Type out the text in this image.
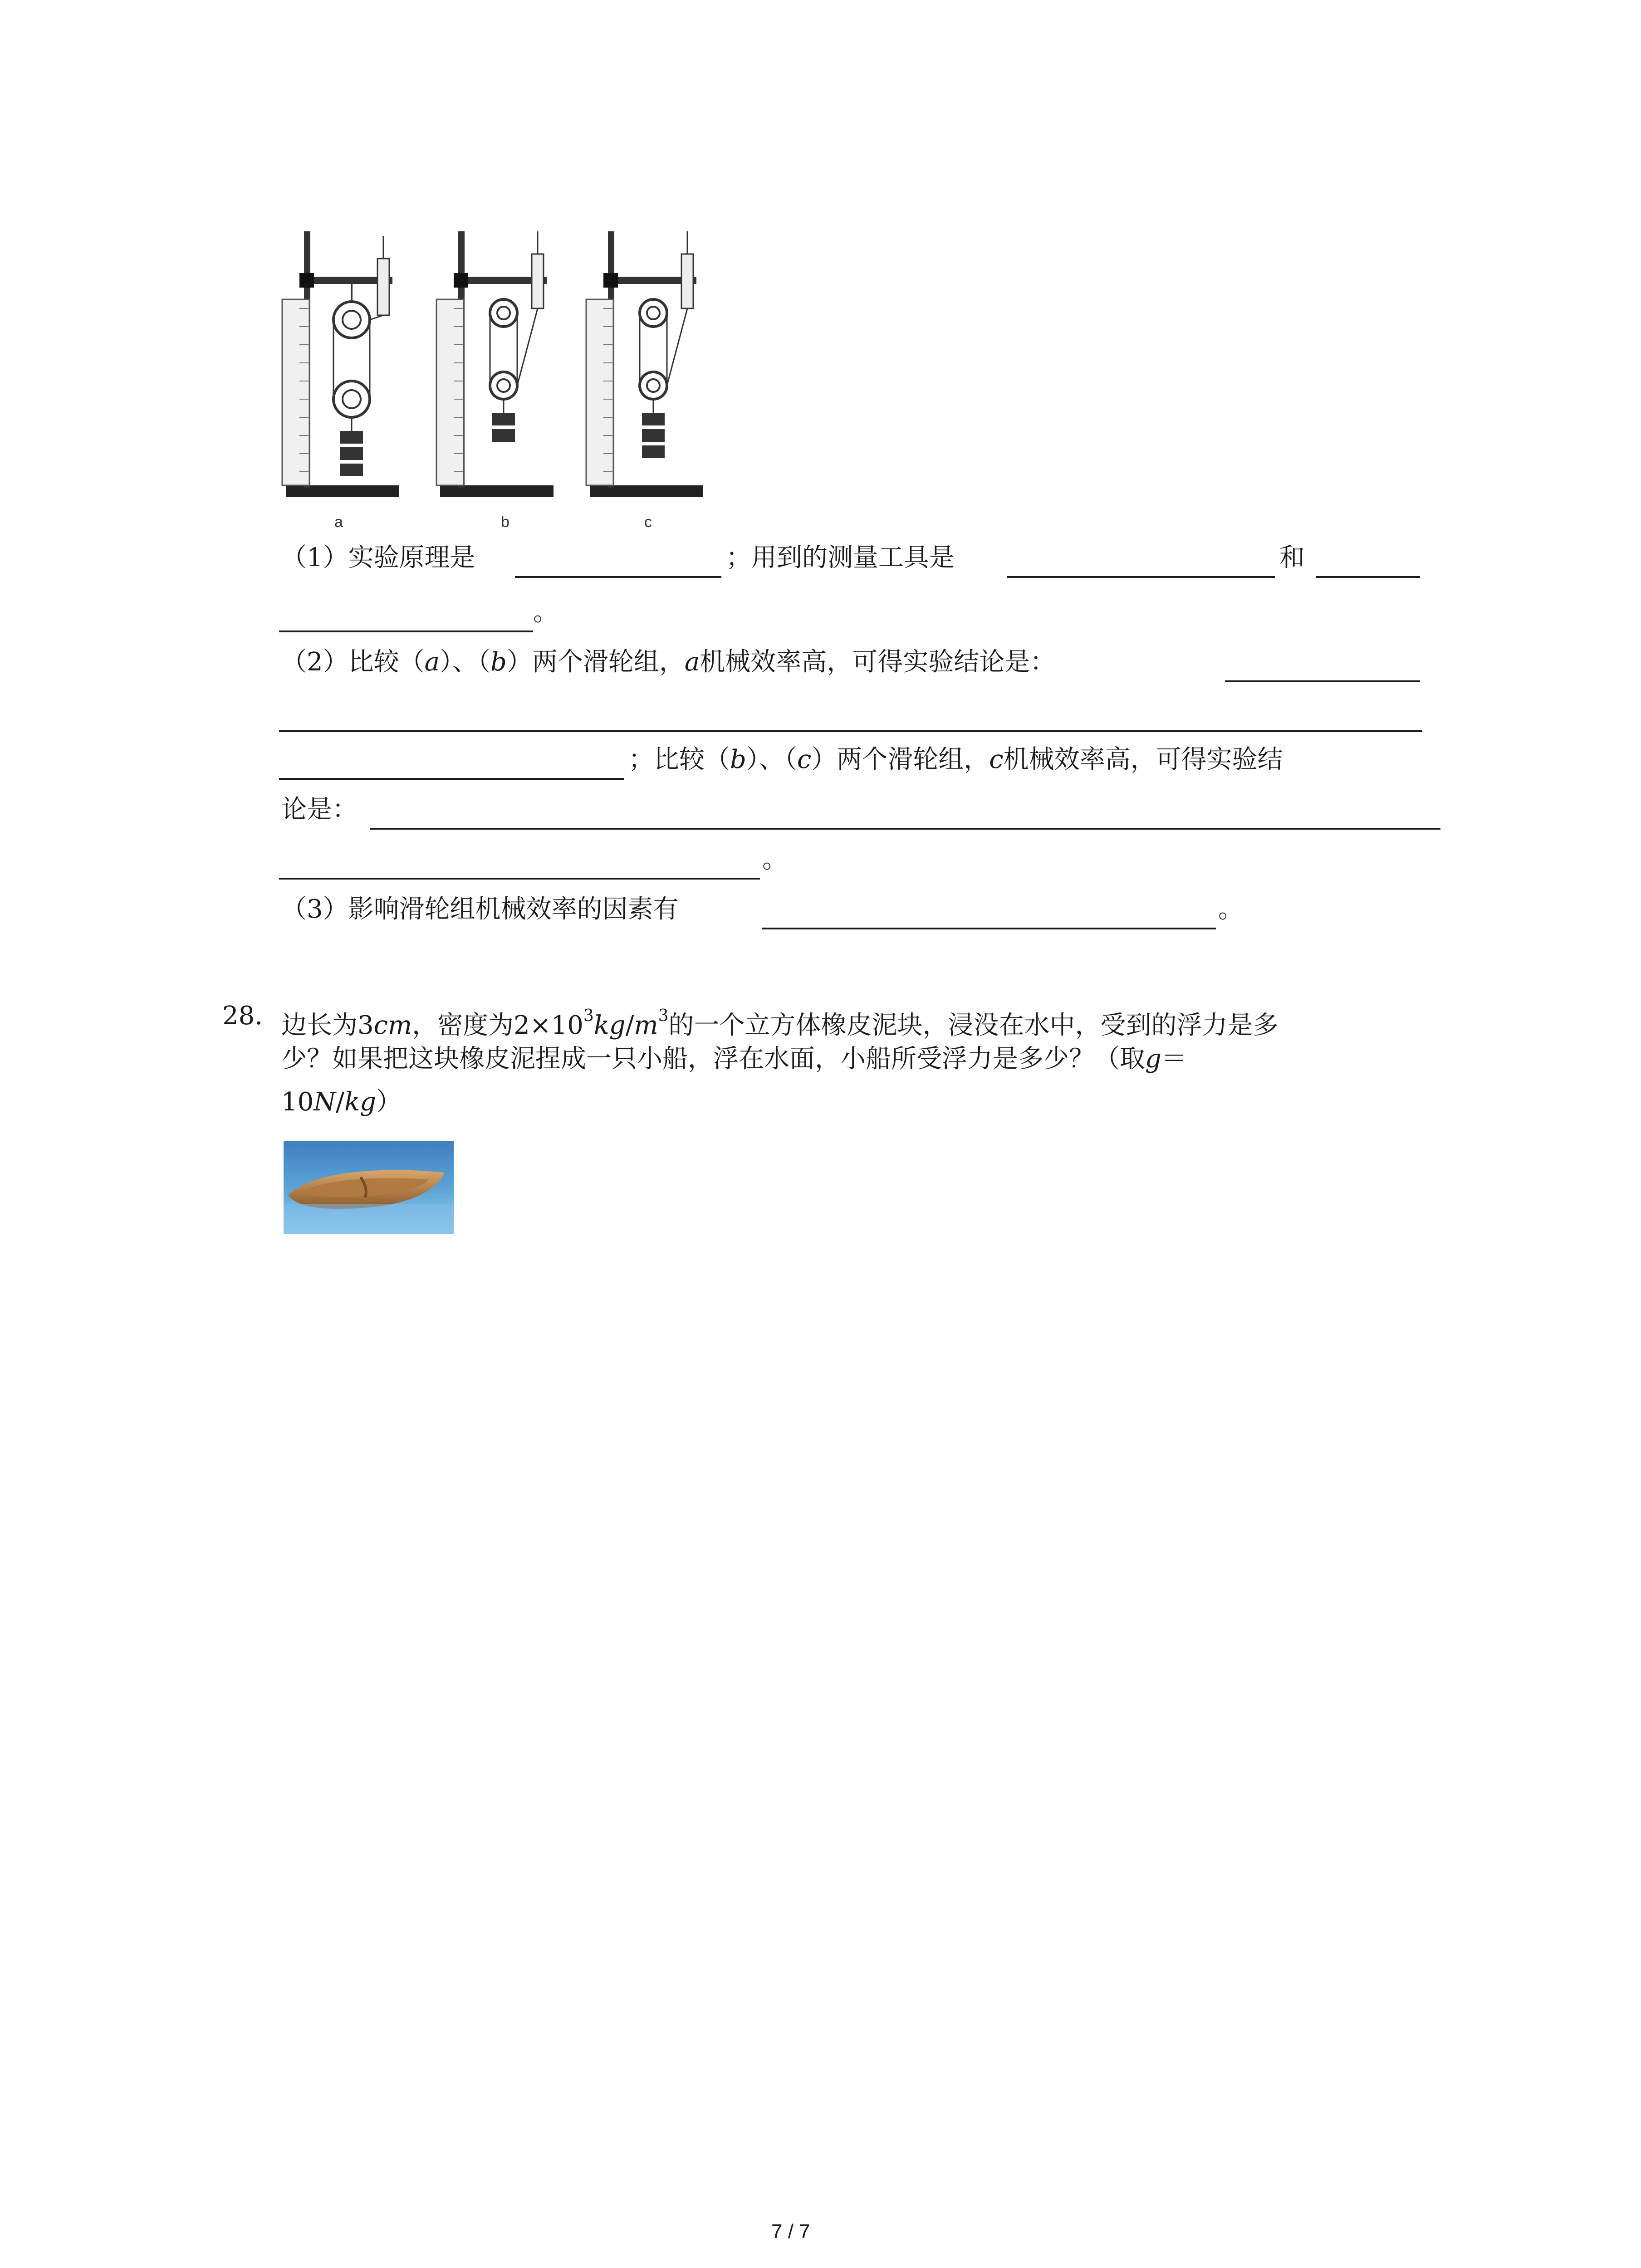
a	b	c
（1）实验原理是	；用到的测量工具是	和
。
（2）比较（a）、（b）两个滑轮组，a机械效率高，可得实验结论是：
；比较（b）、（c）两个滑轮组，c机械效率高，可得实验结
论是：
。
（3）影响滑轮组机械效率的因素有	。
28. 边长为3cm，密度为$2\times 10^3kg/m^3$的一个立方体橡皮泥块，浸没在水中，受到的浮力是多
少？如果把这块橡皮泥捏成一只小船，浮在水面，小船所受浮力是多少？（取g＝
10N/kg）
7 / 7
